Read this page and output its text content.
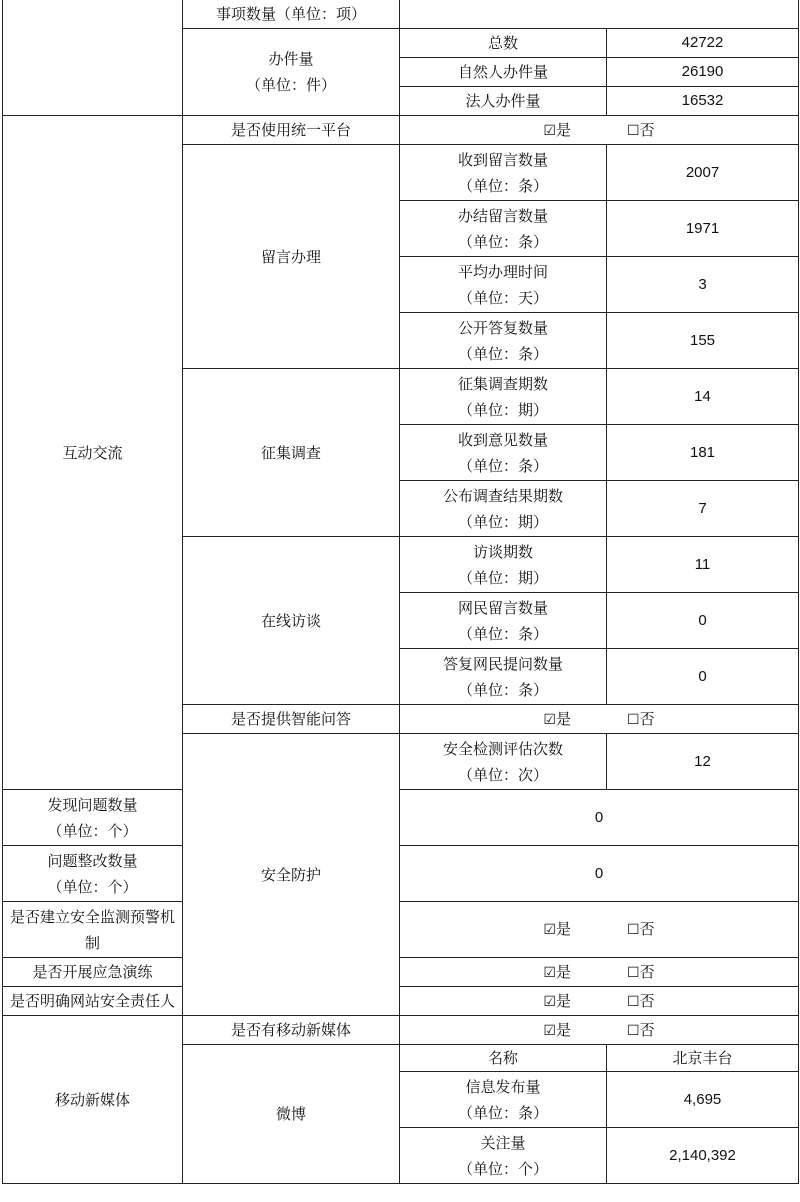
	事项数量（单位：项）		

	办件量
（单位：件）	总数	42722
		自然人办件量	26190
		法人办件量	16532
互动交流	是否使用统一平台	☑是 ☐否	
	留言办理	收到留言数量
（单位：条）	2007

		办结留言数量
（单位：条）	1971

		平均办理时间
（单位：天）	3

		公开答复数量
（单位：条）	155
	征集调查	征集调查期数
（单位：期）	14

		收到意见数量
（单位：条）	181

		公布调查结果期数
（单位：期）	7
	在线访谈	访谈期数
（单位：期）	11

		网民留言数量
（单位：条）	0

		答复网民提问数量
（单位：条）	0
	是否提供智能问答	☑是 ☐否	
	安全防护	安全检测评估次数
（单位：次）	12

发现问题数量
（单位：个）		0	

问题整改数量
（单位：个）		0	

是否建立安全监测预警机
制		☑是 ☐否	
是否开展应急演练		☑是 ☐否	
是否明确网站安全责任人		☑是 ☐否	
移动新媒体	是否有移动新媒体	☑是 ☐否	
	微博	名称	北京丰台

		信息发布量
（单位：条）	4,695

		关注量
（单位：个）	2,140,392
